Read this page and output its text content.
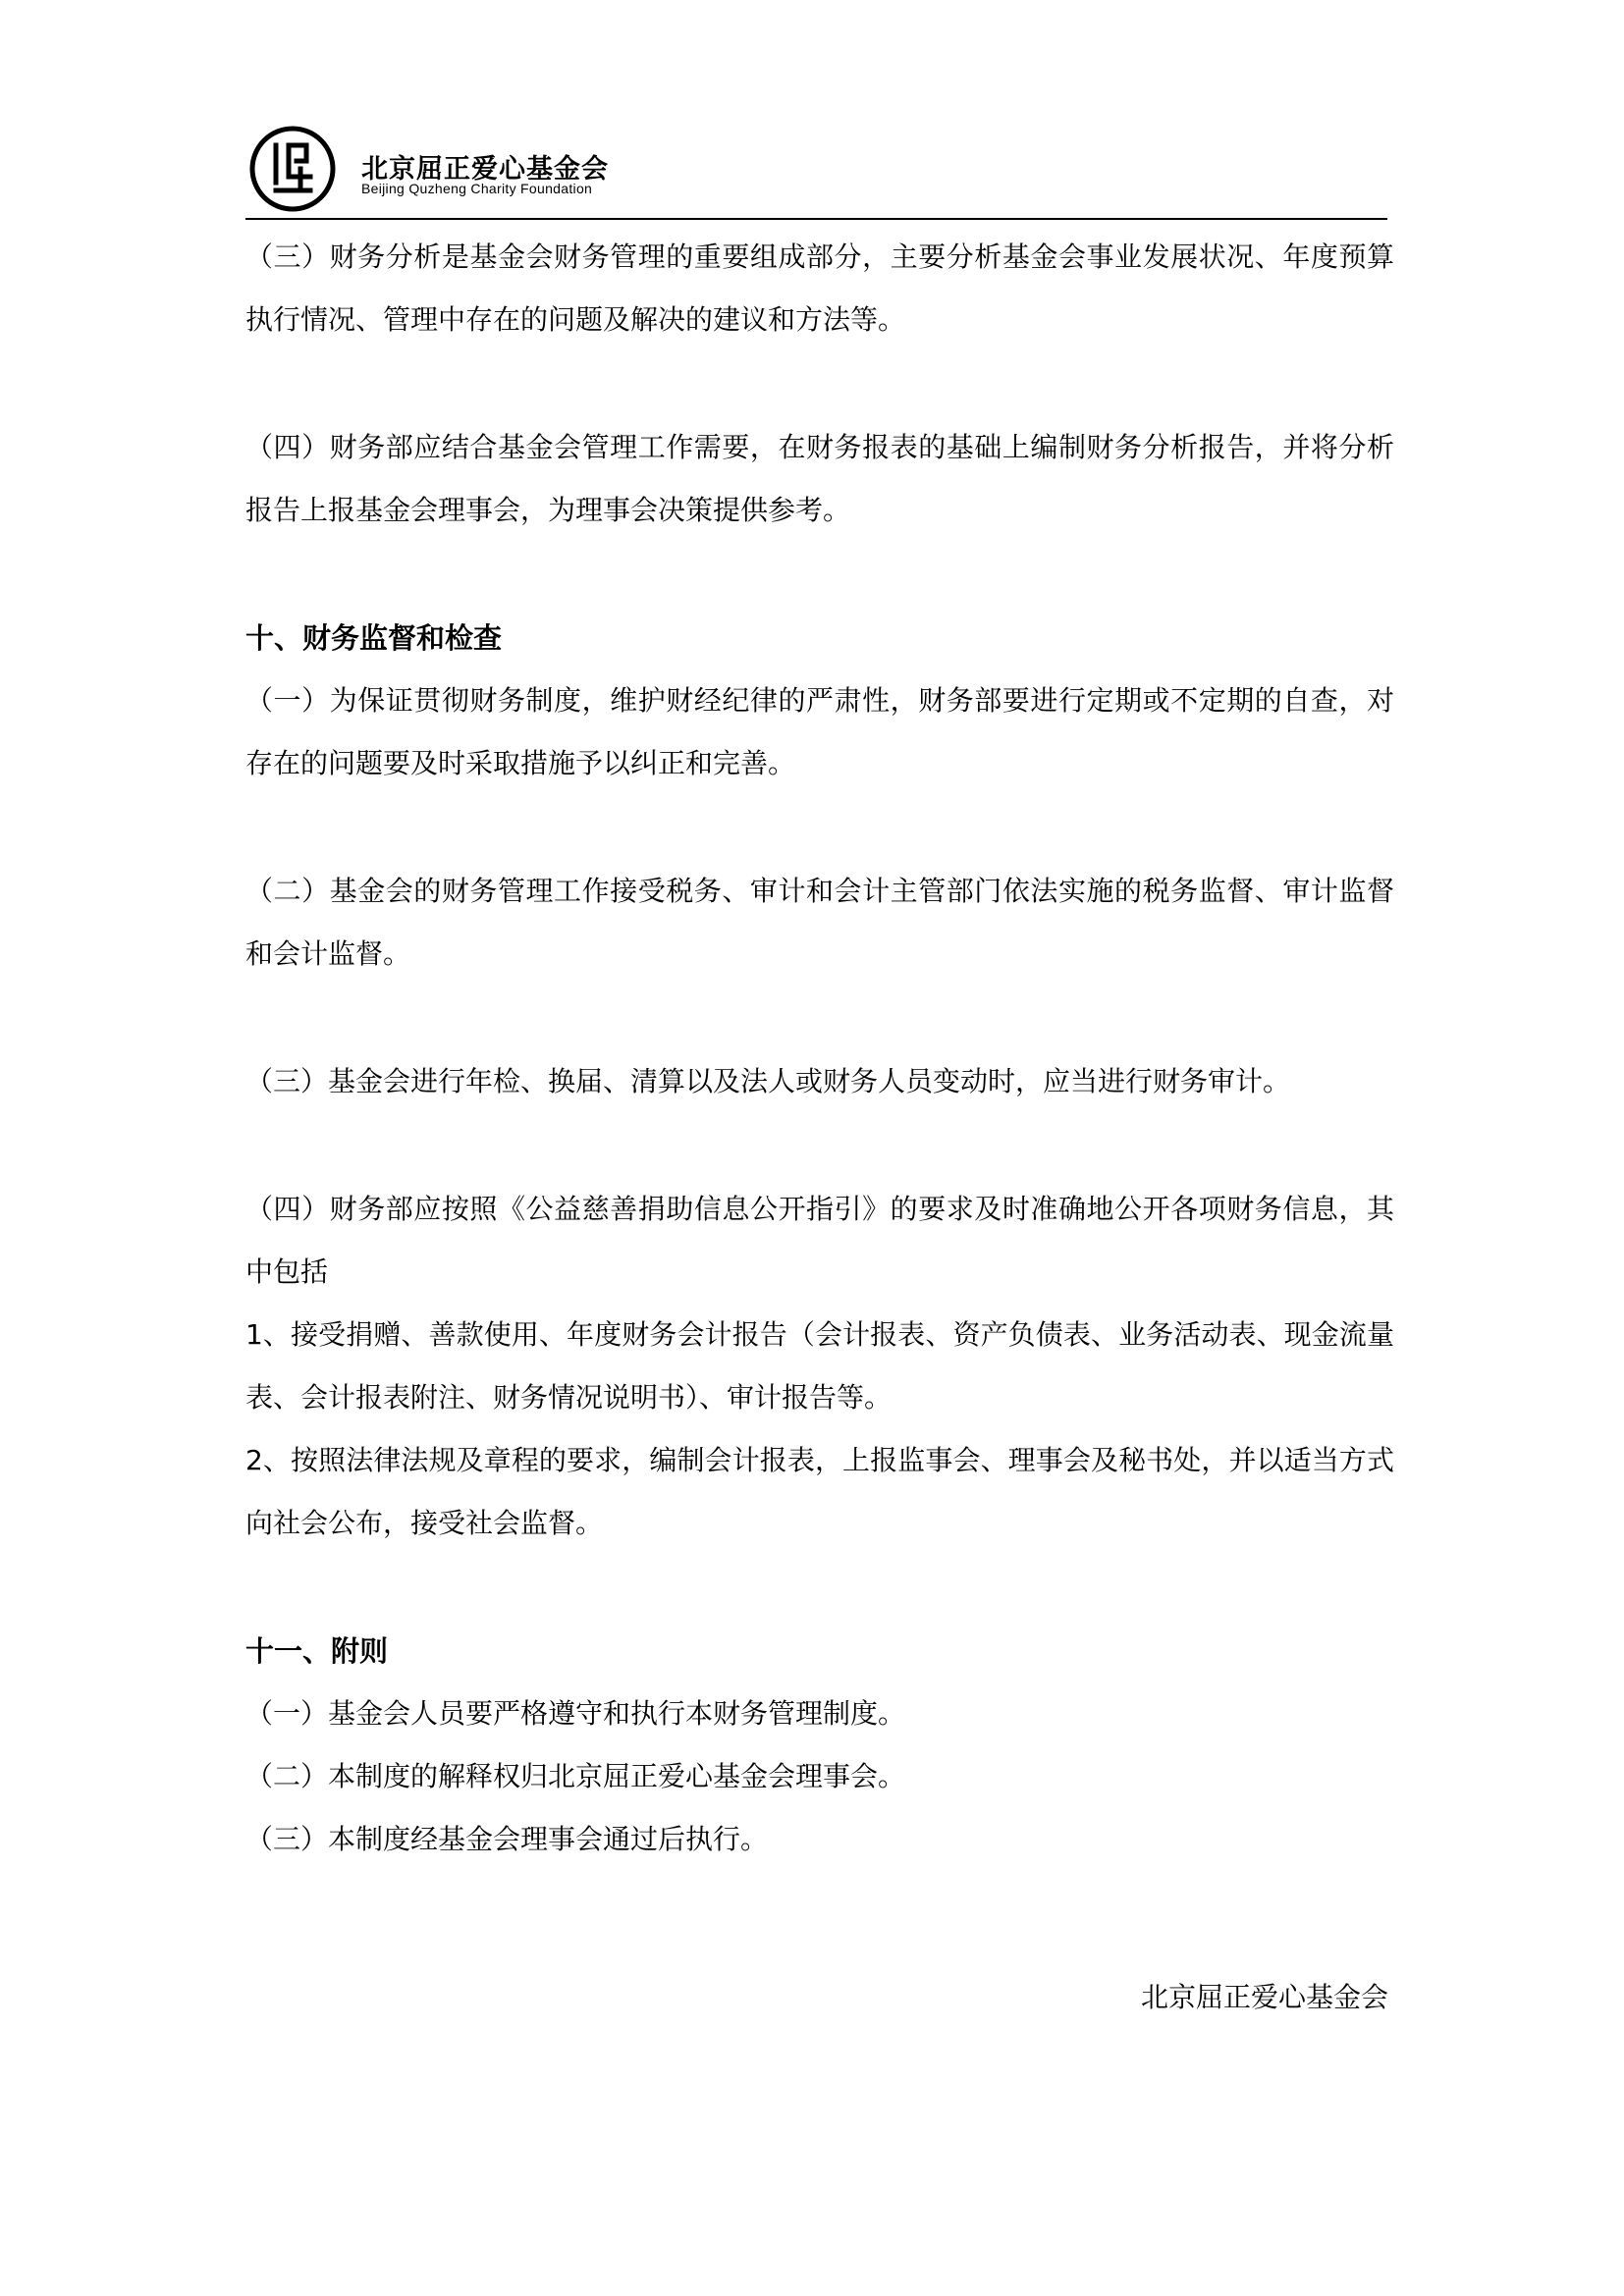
北京屈正爱心基金会
Beijing Quzheng Charity Foundation

（三）财务分析是基金会财务管理的重要组成部分，主要分析基金会事业发展状况、年度预算执行情况、管理中存在的问题及解决的建议和方法等。

（四）财务部应结合基金会管理工作需要，在财务报表的基础上编制财务分析报告，并将分析报告上报基金会理事会，为理事会决策提供参考。

十、财务监督和检查

（一）为保证贯彻财务制度，维护财经纪律的严肃性，财务部要进行定期或不定期的自查，对存在的问题要及时采取措施予以纠正和完善。

（二）基金会的财务管理工作接受税务、审计和会计主管部门依法实施的税务监督、审计监督和会计监督。

（三）基金会进行年检、换届、清算以及法人或财务人员变动时，应当进行财务审计。

（四）财务部应按照《公益慈善捐助信息公开指引》的要求及时准确地公开各项财务信息，其中包括

1、接受捐赠、善款使用、年度财务会计报告（会计报表、资产负债表、业务活动表、现金流量表、会计报表附注、财务情况说明书）、审计报告等。

2、按照法律法规及章程的要求，编制会计报表，上报监事会、理事会及秘书处，并以适当方式向社会公布，接受社会监督。

十一、附则

（一）基金会人员要严格遵守和执行本财务管理制度。

（二）本制度的解释权归北京屈正爱心基金会理事会。

（三）本制度经基金会理事会通过后执行。

北京屈正爱心基金会
